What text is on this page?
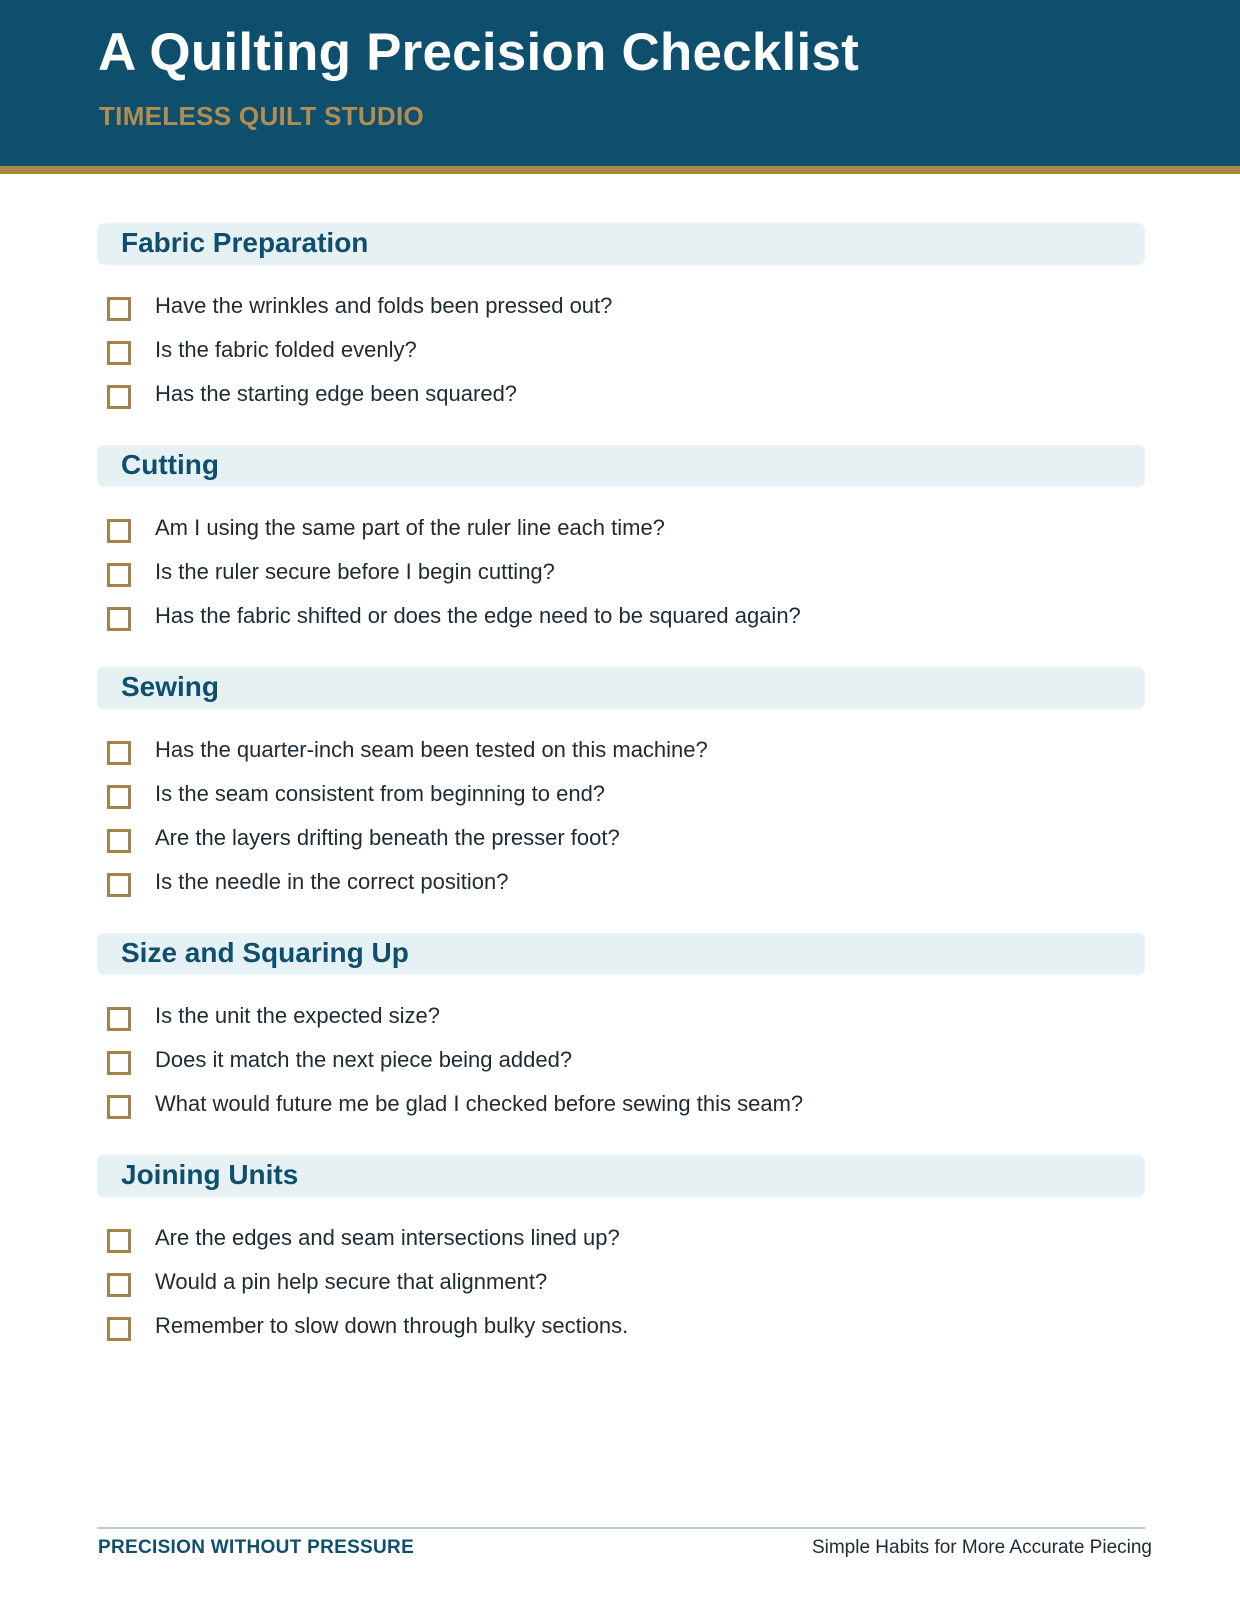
A Quilting Precision Checklist
TIMELESS QUILT STUDIO
Fabric Preparation
Have the wrinkles and folds been pressed out?
Is the fabric folded evenly?
Has the starting edge been squared?
Cutting
Am I using the same part of the ruler line each time?
Is the ruler secure before I begin cutting?
Has the fabric shifted or does the edge need to be squared again?
Sewing
Has the quarter-inch seam been tested on this machine?
Is the seam consistent from beginning to end?
Are the layers drifting beneath the presser foot?
Is the needle in the correct position?
Size and Squaring Up
Is the unit the expected size?
Does it match the next piece being added?
What would future me be glad I checked before sewing this seam?
Joining Units
Are the edges and seam intersections lined up?
Would a pin help secure that alignment?
Remember to slow down through bulky sections.
PRECISION WITHOUT PRESSURE	Simple Habits for More Accurate Piecing
